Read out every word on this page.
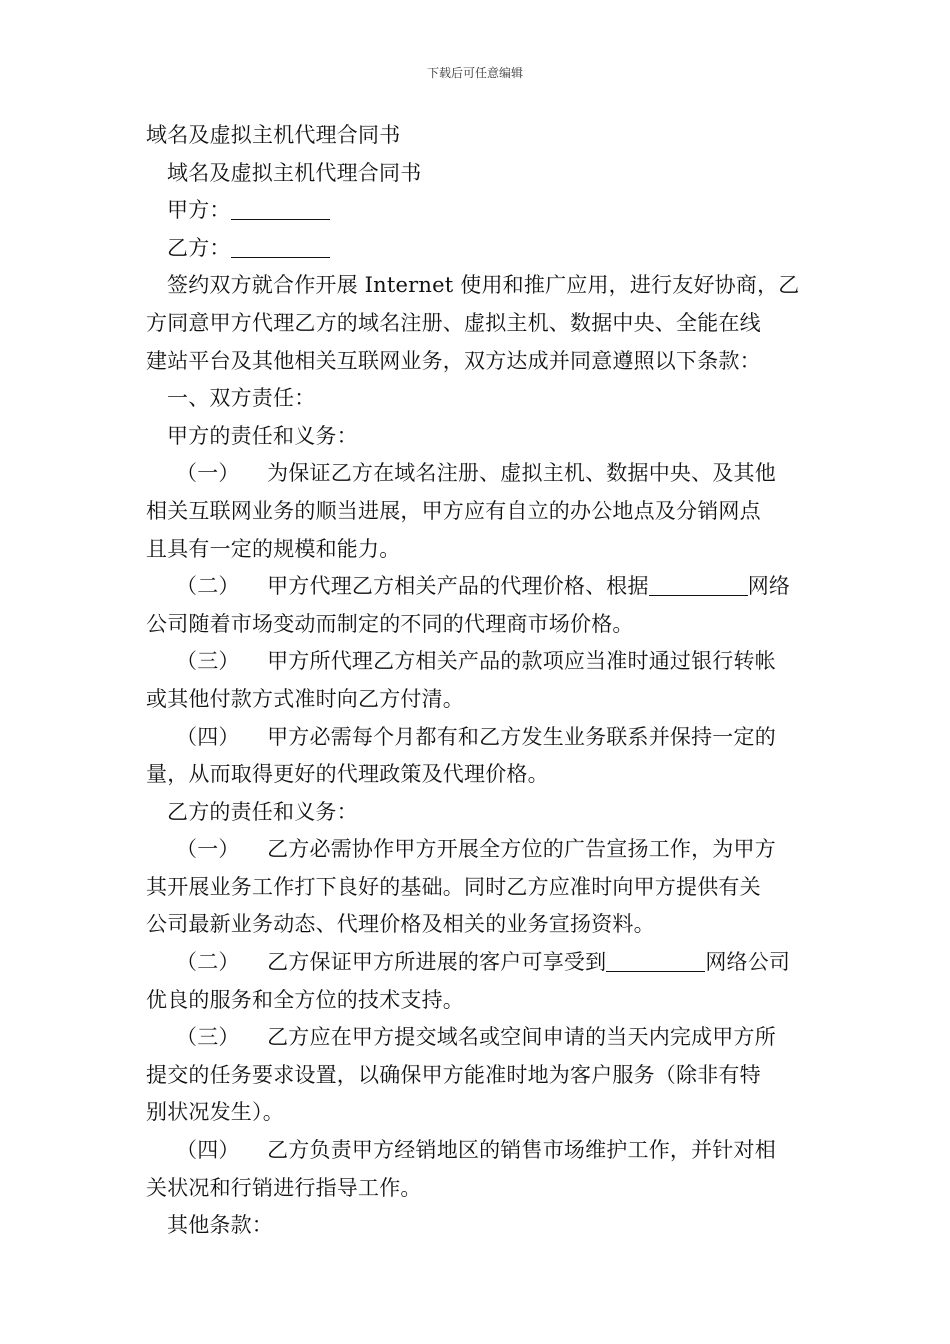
下载后可任意编辑
域名及虚拟主机代理合同书
域名及虚拟主机代理合同书
甲方：
乙方：
签约双方就合作开展 Internet 使用和推广应用，进行友好协商，乙
方同意甲方代理乙方的域名注册、虚拟主机、数据中央、全能在线
建站平台及其他相关互联网业务，双方达成并同意遵照以下条款：
一、双方责任：
甲方的责任和义务：
（一）    为保证乙方在域名注册、虚拟主机、数据中央、及其他
相关互联网业务的顺当进展，甲方应有自立的办公地点及分销网点
且具有一定的规模和能力。
（二）    甲方代理乙方相关产品的代理价格、根据	网络
公司随着市场变动而制定的不同的代理商市场价格。
（三）    甲方所代理乙方相关产品的款项应当准时通过银行转帐
或其他付款方式准时向乙方付清。
（四）    甲方必需每个月都有和乙方发生业务联系并保持一定的
量，从而取得更好的代理政策及代理价格。
乙方的责任和义务：
（一）    乙方必需协作甲方开展全方位的广告宣扬工作，为甲方
其开展业务工作打下良好的基础。同时乙方应准时向甲方提供有关
公司最新业务动态、代理价格及相关的业务宣扬资料。
（二）    乙方保证甲方所进展的客户可享受到	网络公司
优良的服务和全方位的技术支持。
（三）    乙方应在甲方提交域名或空间申请的当天内完成甲方所
提交的任务要求设置，以确保甲方能准时地为客户服务（除非有特
别状况发生）。
（四）    乙方负责甲方经销地区的销售市场维护工作，并针对相
关状况和行销进行指导工作。
其他条款：
